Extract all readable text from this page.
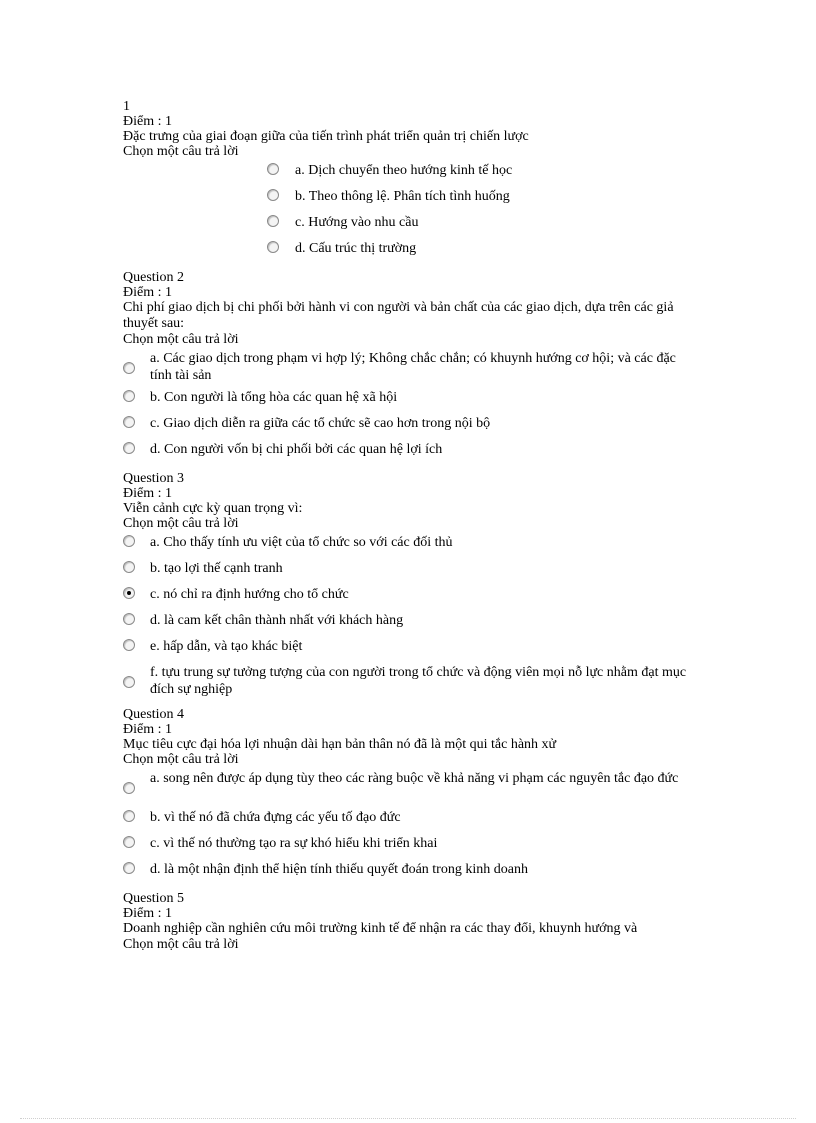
1
Điểm : 1
Đặc trưng của giai đoạn giữa của tiến trình phát triển quản trị chiến lược
Chọn một câu trả lời
a. Dịch chuyển theo hướng kinh tế học
b. Theo thông lệ. Phân tích tình huống
c. Hướng vào nhu cầu
d. Cấu trúc thị trường
Question 2
Điểm : 1
Chi phí giao dịch bị chi phối bởi hành vi con người và bản chất của các giao dịch, dựa trên các giả thuyết sau:
Chọn một câu trả lời
a. Các giao dịch trong phạm vi hợp lý; Không chắc chắn; có khuynh hướng cơ hội; và các đặc tính tài sản
b. Con người là tổng hòa các quan hệ xã hội
c. Giao dịch diễn ra giữa các tổ chức sẽ cao hơn trong nội bộ
d. Con người vốn bị chi phối bởi các quan hệ lợi ích
Question 3
Điểm : 1
Viễn cảnh cực kỳ quan trọng vì:
Chọn một câu trả lời
a. Cho thấy tính ưu việt của tổ chức so với các đối thủ
b. tạo lợi thế cạnh tranh
c. nó chỉ ra định hướng cho tổ chức
d. là cam kết chân thành nhất với khách hàng
e. hấp dẫn, và tạo khác biệt
f. tựu trung sự tưởng tượng của con người trong tổ chức và động viên mọi nỗ lực nhằm đạt mục đích sự nghiệp
Question 4
Điểm : 1
Mục tiêu cực đại hóa lợi nhuận dài hạn bản thân nó đã là một qui tắc hành xử
Chọn một câu trả lời
a. song nên được áp dụng tùy theo các ràng buộc về khả năng vi phạm các nguyên tắc đạo đức
b. vì thế nó đã chứa đựng các yếu tố đạo đức
c. vì thế nó thường tạo ra sự khó hiểu khi triển khai
d. là một nhận định thể hiện tính thiếu quyết đoán trong kinh doanh
Question 5
Điểm : 1
Doanh nghiệp cần nghiên cứu môi trường kinh tế để nhận ra các thay đổi, khuynh hướng và
Chọn một câu trả lời
